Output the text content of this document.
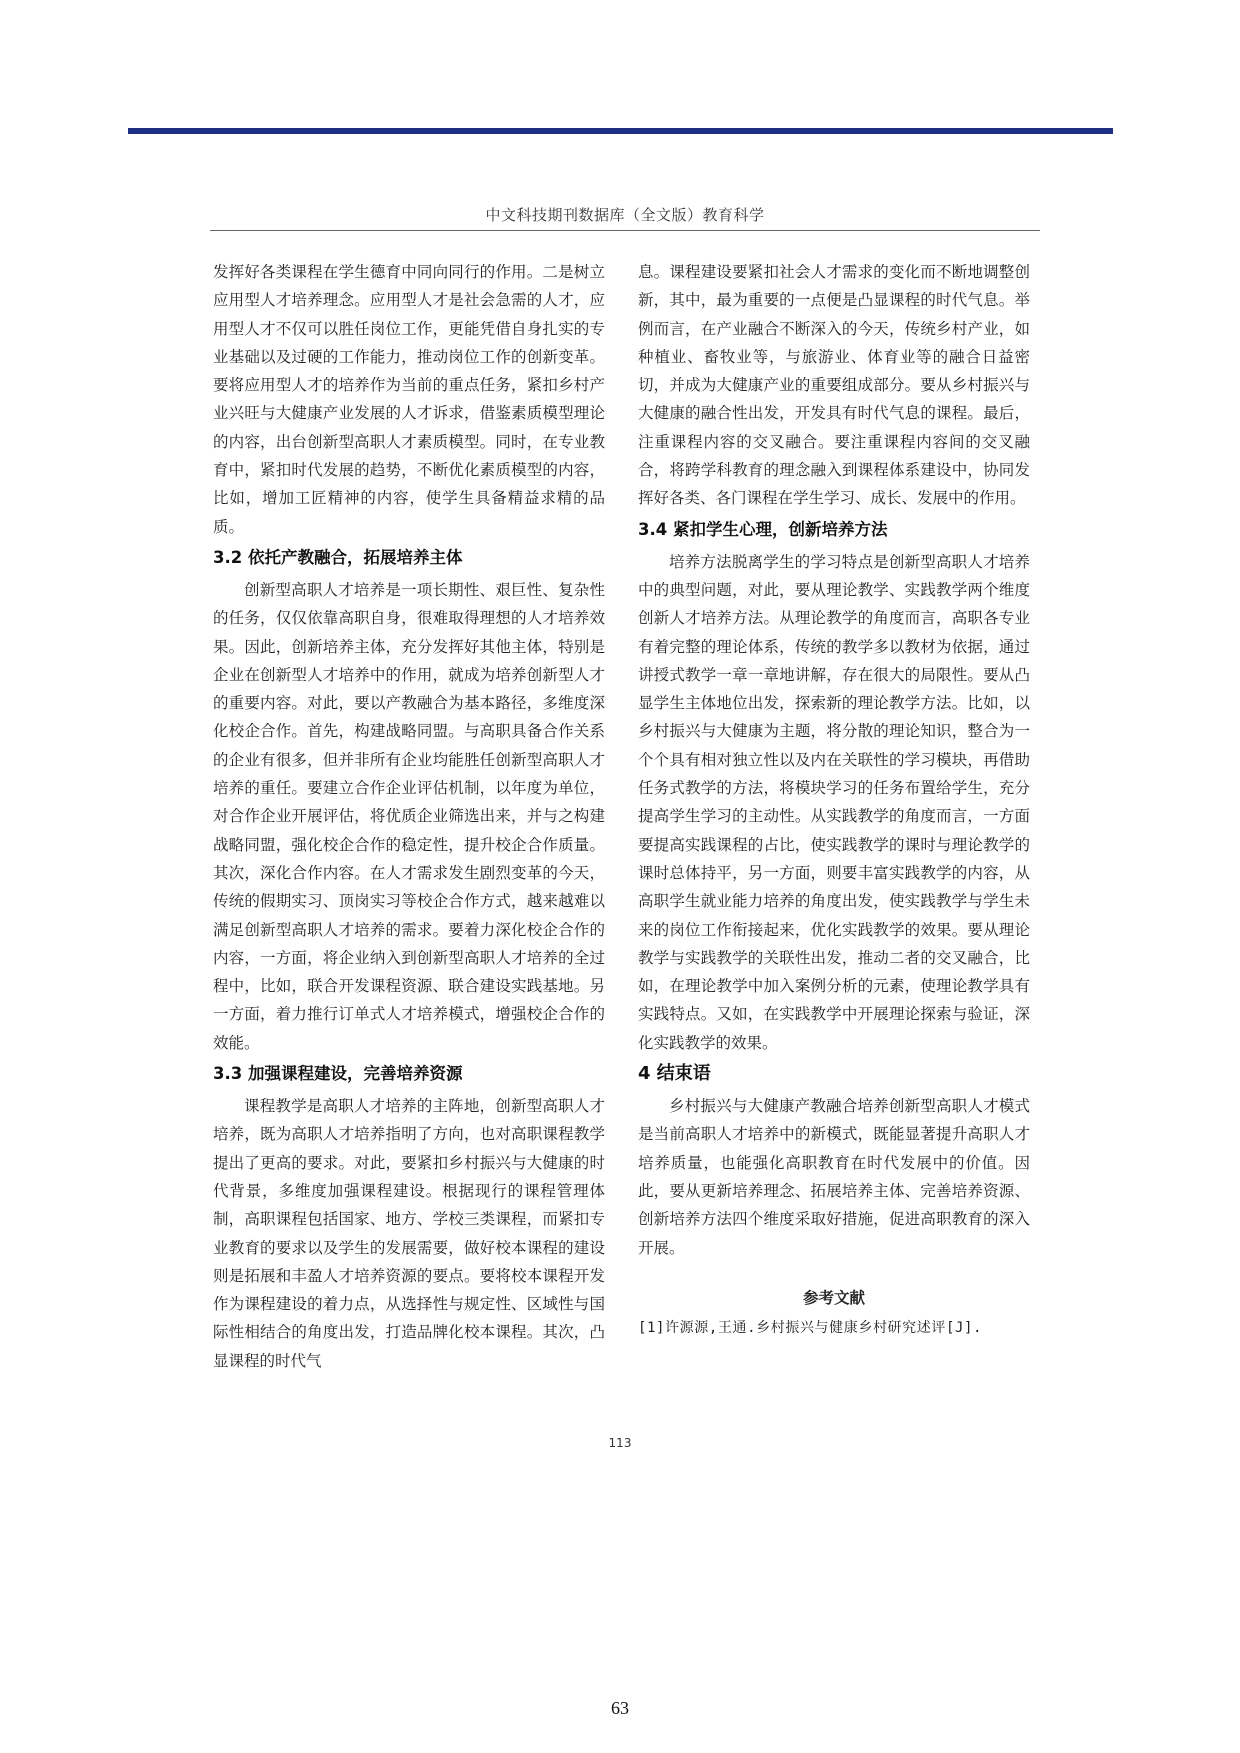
中文科技期刊数据库（全文版）教育科学

发挥好各类课程在学生德育中同向同行的作用。二是树立应用型人才培养理念。应用型人才是社会急需的人才，应用型人才不仅可以胜任岗位工作，更能凭借自身扎实的专业基础以及过硬的工作能力，推动岗位工作的创新变革。要将应用型人才的培养作为当前的重点任务，紧扣乡村产业兴旺与大健康产业发展的人才诉求，借鉴素质模型理论的内容，出台创新型高职人才素质模型。同时，在专业教育中，紧扣时代发展的趋势，不断优化素质模型的内容，比如，增加工匠精神的内容，使学生具备精益求精的品质。

3.2 依托产教融合，拓展培养主体

创新型高职人才培养是一项长期性、艰巨性、复杂性的任务，仅仅依靠高职自身，很难取得理想的人才培养效果。因此，创新培养主体，充分发挥好其他主体，特别是企业在创新型人才培养中的作用，就成为培养创新型人才的重要内容。对此，要以产教融合为基本路径，多维度深化校企合作。首先，构建战略同盟。与高职具备合作关系的企业有很多，但并非所有企业均能胜任创新型高职人才培养的重任。要建立合作企业评估机制，以年度为单位，对合作企业开展评估，将优质企业筛选出来，并与之构建战略同盟，强化校企合作的稳定性，提升校企合作质量。其次，深化合作内容。在人才需求发生剧烈变革的今天，传统的假期实习、顶岗实习等校企合作方式，越来越难以满足创新型高职人才培养的需求。要着力深化校企合作的内容，一方面，将企业纳入到创新型高职人才培养的全过程中，比如，联合开发课程资源、联合建设实践基地。另一方面，着力推行订单式人才培养模式，增强校企合作的效能。

3.3 加强课程建设，完善培养资源

课程教学是高职人才培养的主阵地，创新型高职人才培养，既为高职人才培养指明了方向，也对高职课程教学提出了更高的要求。对此，要紧扣乡村振兴与大健康的时代背景，多维度加强课程建设。根据现行的课程管理体制，高职课程包括国家、地方、学校三类课程，而紧扣专业教育的要求以及学生的发展需要，做好校本课程的建设则是拓展和丰盈人才培养资源的要点。要将校本课程开发作为课程建设的着力点，从选择性与规定性、区域性与国际性相结合的角度出发，打造品牌化校本课程。其次，凸显课程的时代气

息。课程建设要紧扣社会人才需求的变化而不断地调整创新，其中，最为重要的一点便是凸显课程的时代气息。举例而言，在产业融合不断深入的今天，传统乡村产业，如种植业、畜牧业等，与旅游业、体育业等的融合日益密切，并成为大健康产业的重要组成部分。要从乡村振兴与大健康的融合性出发，开发具有时代气息的课程。最后，注重课程内容的交叉融合。要注重课程内容间的交叉融合，将跨学科教育的理念融入到课程体系建设中，协同发挥好各类、各门课程在学生学习、成长、发展中的作用。

3.4 紧扣学生心理，创新培养方法

培养方法脱离学生的学习特点是创新型高职人才培养中的典型问题，对此，要从理论教学、实践教学两个维度创新人才培养方法。从理论教学的角度而言，高职各专业有着完整的理论体系，传统的教学多以教材为依据，通过讲授式教学一章一章地讲解，存在很大的局限性。要从凸显学生主体地位出发，探索新的理论教学方法。比如，以乡村振兴与大健康为主题，将分散的理论知识，整合为一个个具有相对独立性以及内在关联性的学习模块，再借助任务式教学的方法，将模块学习的任务布置给学生，充分提高学生学习的主动性。从实践教学的角度而言，一方面要提高实践课程的占比，使实践教学的课时与理论教学的课时总体持平，另一方面，则要丰富实践教学的内容，从高职学生就业能力培养的角度出发，使实践教学与学生未来的岗位工作衔接起来，优化实践教学的效果。要从理论教学与实践教学的关联性出发，推动二者的交叉融合，比如，在理论教学中加入案例分析的元素，使理论教学具有实践特点。又如，在实践教学中开展理论探索与验证，深化实践教学的效果。

4 结束语

乡村振兴与大健康产教融合培养创新型高职人才模式是当前高职人才培养中的新模式，既能显著提升高职人才培养质量，也能强化高职教育在时代发展中的价值。因此，要从更新培养理念、拓展培养主体、完善培养资源、创新培养方法四个维度采取好措施，促进高职教育的深入开展。

参考文献

[1]许源源,王通.乡村振兴与健康乡村研究述评[J].

113
63
